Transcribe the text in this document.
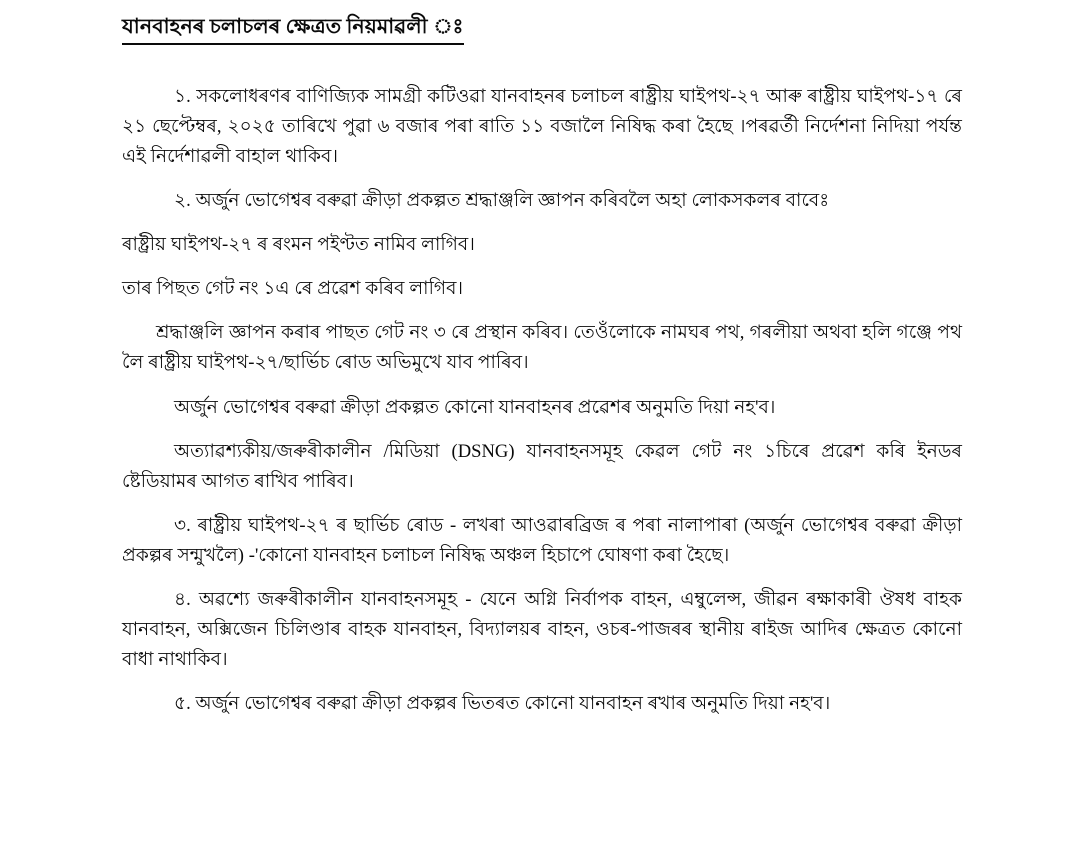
যানবাহনৰ চলাচলৰ ক্ষেত্ৰত নিয়মাৱলী ঃ

১. সকলোধৰণৰ বাণিজ্যিক সামগ্ৰী কটিওৱা যানবাহনৰ চলাচল ৰাষ্ট্ৰীয় ঘাইপথ-২৭ আৰু ৰাষ্ট্ৰীয় ঘাইপথ-১৭ ৰে ২১ ছেপ্টেম্বৰ, ২০২৫ তাৰিখে পুৱা ৬ বজাৰ পৰা ৰাতি ১১ বজালৈ নিষিদ্ধ কৰা হৈছে ।পৰৱৰ্তী নিৰ্দেশনা নিদিয়া পৰ্যন্ত এই নিৰ্দেশাৱলী বাহাল থাকিব।

২. অৰ্জুন ভোগেশ্বৰ বৰুৱা ক্ৰীড়া প্ৰকল্পত শ্ৰদ্ধাঞ্জলি জ্ঞাপন কৰিবলৈ অহা লোকসকলৰ বাবেঃ

ৰাষ্ট্ৰীয় ঘাইপথ-২৭ ৰ ৰংমন পইণ্টত নামিব লাগিব।

তাৰ পিছত গেট নং ১এ ৰে প্ৰৱেশ কৰিব লাগিব।

শ্ৰদ্ধাঞ্জলি জ্ঞাপন কৰাৰ পাছত গেট নং ৩ ৰে প্ৰস্থান কৰিব। তেওঁলোকে নামঘৰ পথ, গৰলীয়া অথবা হলি গঞ্জে পথ লৈ ৰাষ্ট্ৰীয় ঘাইপথ-২৭/ছাৰ্ভিচ ৰোড অভিমুখে যাব পাৰিব।

অৰ্জুন ভোগেশ্বৰ বৰুৱা ক্ৰীড়া প্ৰকল্পত কোনো যানবাহনৰ প্ৰৱেশৰ অনুমতি দিয়া নহ'ব।

অত্যাৱশ্যকীয়/জৰুৰীকালীন /মিডিয়া (DSNG) যানবাহনসমূহ কেৱল গেট নং ১চিৰে প্ৰৱেশ কৰি ইনডৰ ষ্টেডিয়ামৰ আগত ৰাখিব পাৰিব।

৩. ৰাষ্ট্ৰীয় ঘাইপথ-২৭ ৰ ছাৰ্ভিচ ৰোড - লখৰা আওৱাৰব্ৰিজ ৰ পৰা নালাপাৰা (অৰ্জুন ভোগেশ্বৰ বৰুৱা ক্ৰীড়া প্ৰকল্পৰ সন্মুখলৈ) -'কোনো যানবাহন চলাচল নিষিদ্ধ অঞ্চল হিচাপে ঘোষণা কৰা হৈছে।

৪. অৱশ্যে জৰুৰীকালীন যানবাহনসমূহ - যেনে অগ্নি নিৰ্বাপক বাহন, এম্বুলেন্স, জীৱন ৰক্ষাকাৰী ঔষধ বাহক যানবাহন, অক্সিজেন চিলিণ্ডাৰ বাহক যানবাহন, বিদ্যালয়ৰ বাহন, ওচৰ-পাজৰৰ স্থানীয় ৰাইজ আদিৰ ক্ষেত্ৰত কোনো বাধা নাথাকিব।

৫. অৰ্জুন ভোগেশ্বৰ বৰুৱা ক্ৰীড়া প্ৰকল্পৰ ভিতৰত কোনো যানবাহন ৰখাৰ অনুমতি দিয়া নহ'ব।
